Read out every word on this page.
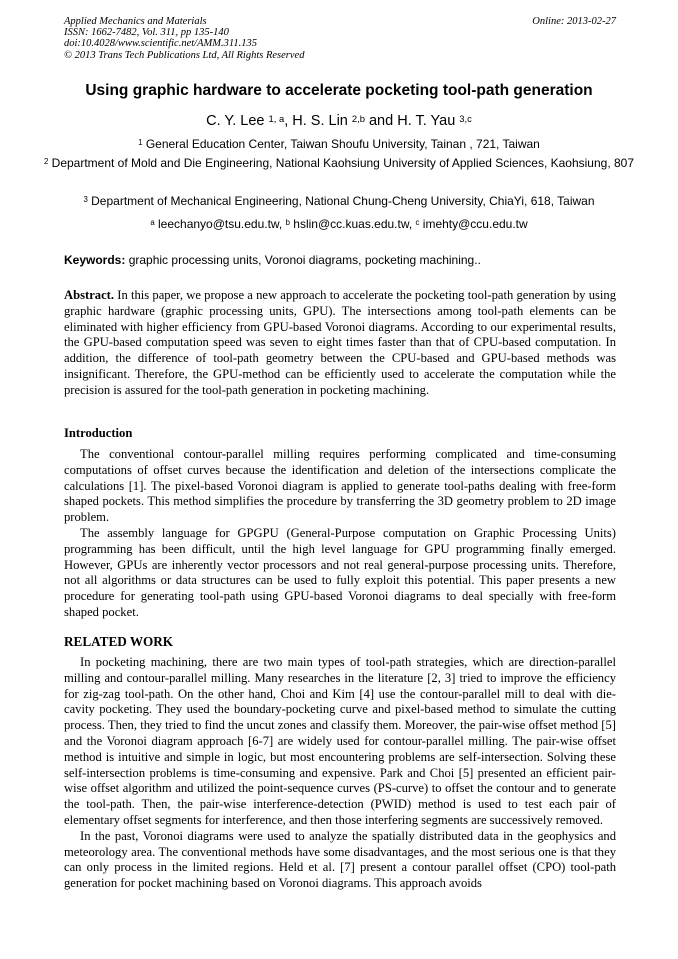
Applied Mechanics and Materials
ISSN: 1662-7482, Vol. 311, pp 135-140
doi:10.4028/www.scientific.net/AMM.311.135
© 2013 Trans Tech Publications Ltd, All Rights Reserved
Online: 2013-02-27
Using graphic hardware to accelerate pocketing tool-path generation
C. Y. Lee $^{1, a}$, H. S. Lin $^{2,b}$ and H. T. Yau $^{3,c}$
$^1$ General Education Center, Taiwan Shoufu University, Tainan , 721, Taiwan
$^2$ Department of Mold and Die Engineering, National Kaohsiung University of Applied Sciences, Kaohsiung, 807
$^3$ Department of Mechanical Engineering, National Chung-Cheng University, ChiaYi, 618, Taiwan
$^a$ leechanyo@tsu.edu.tw, $^b$ hslin@cc.kuas.edu.tw, $^c$ imehty@ccu.edu.tw
Keywords: graphic processing units, Voronoi diagrams, pocketing machining..

Abstract. In this paper, we propose a new approach to accelerate the pocketing tool-path generation by using graphic hardware (graphic processing units, GPU). The intersections among tool-path elements can be eliminated with higher efficiency from GPU-based Voronoi diagrams. According to our experimental results, the GPU-based computation speed was seven to eight times faster than that of CPU-based computation. In addition, the difference of tool-path geometry between the CPU-based and GPU-based methods was insignificant. Therefore, the GPU-method can be efficiently used to accelerate the computation while the precision is assured for the tool-path generation in pocketing machining.

Introduction

The conventional contour-parallel milling requires performing complicated and time-consuming computations of offset curves because the identification and deletion of the intersections complicate the calculations [1]. The pixel-based Voronoi diagram is applied to generate tool-paths dealing with free-form shaped pockets. This method simplifies the procedure by transferring the 3D geometry problem to 2D image problem.

The assembly language for GPGPU (General-Purpose computation on Graphic Processing Units) programming has been difficult, until the high level language for GPU programming finally emerged. However, GPUs are inherently vector processors and not real general-purpose processing units. Therefore, not all algorithms or data structures can be used to fully exploit this potential. This paper presents a new procedure for generating tool-path using GPU-based Voronoi diagrams to deal specially with free-form shaped pocket.

RELATED WORK

In pocketing machining, there are two main types of tool-path strategies, which are direction-parallel milling and contour-parallel milling. Many researches in the literature [2, 3] tried to improve the efficiency for zig-zag tool-path. On the other hand, Choi and Kim [4] use the contour-parallel mill to deal with die-cavity pocketing. They used the boundary-pocketing curve and pixel-based method to simulate the cutting process. Then, they tried to find the uncut zones and classify them. Moreover, the pair-wise offset method [5] and the Voronoi diagram approach [6-7] are widely used for contour-parallel milling. The pair-wise offset method is intuitive and simple in logic, but most encountering problems are self-intersection. Solving these self-intersection problems is time-consuming and expensive. Park and Choi [5] presented an efficient pair-wise offset algorithm and utilized the point-sequence curves (PS-curve) to offset the contour and to generate the tool-path. Then, the pair-wise interference-detection (PWID) method is used to test each pair of elementary offset segments for interference, and then those interfering segments are successively removed.

In the past, Voronoi diagrams were used to analyze the spatially distributed data in the geophysics and meteorology area. The conventional methods have some disadvantages, and the most serious one is that they can only process in the limited regions. Held et al. [7] present a contour parallel offset (CPO) tool-path generation for pocket machining based on Voronoi diagrams. This approach avoids
